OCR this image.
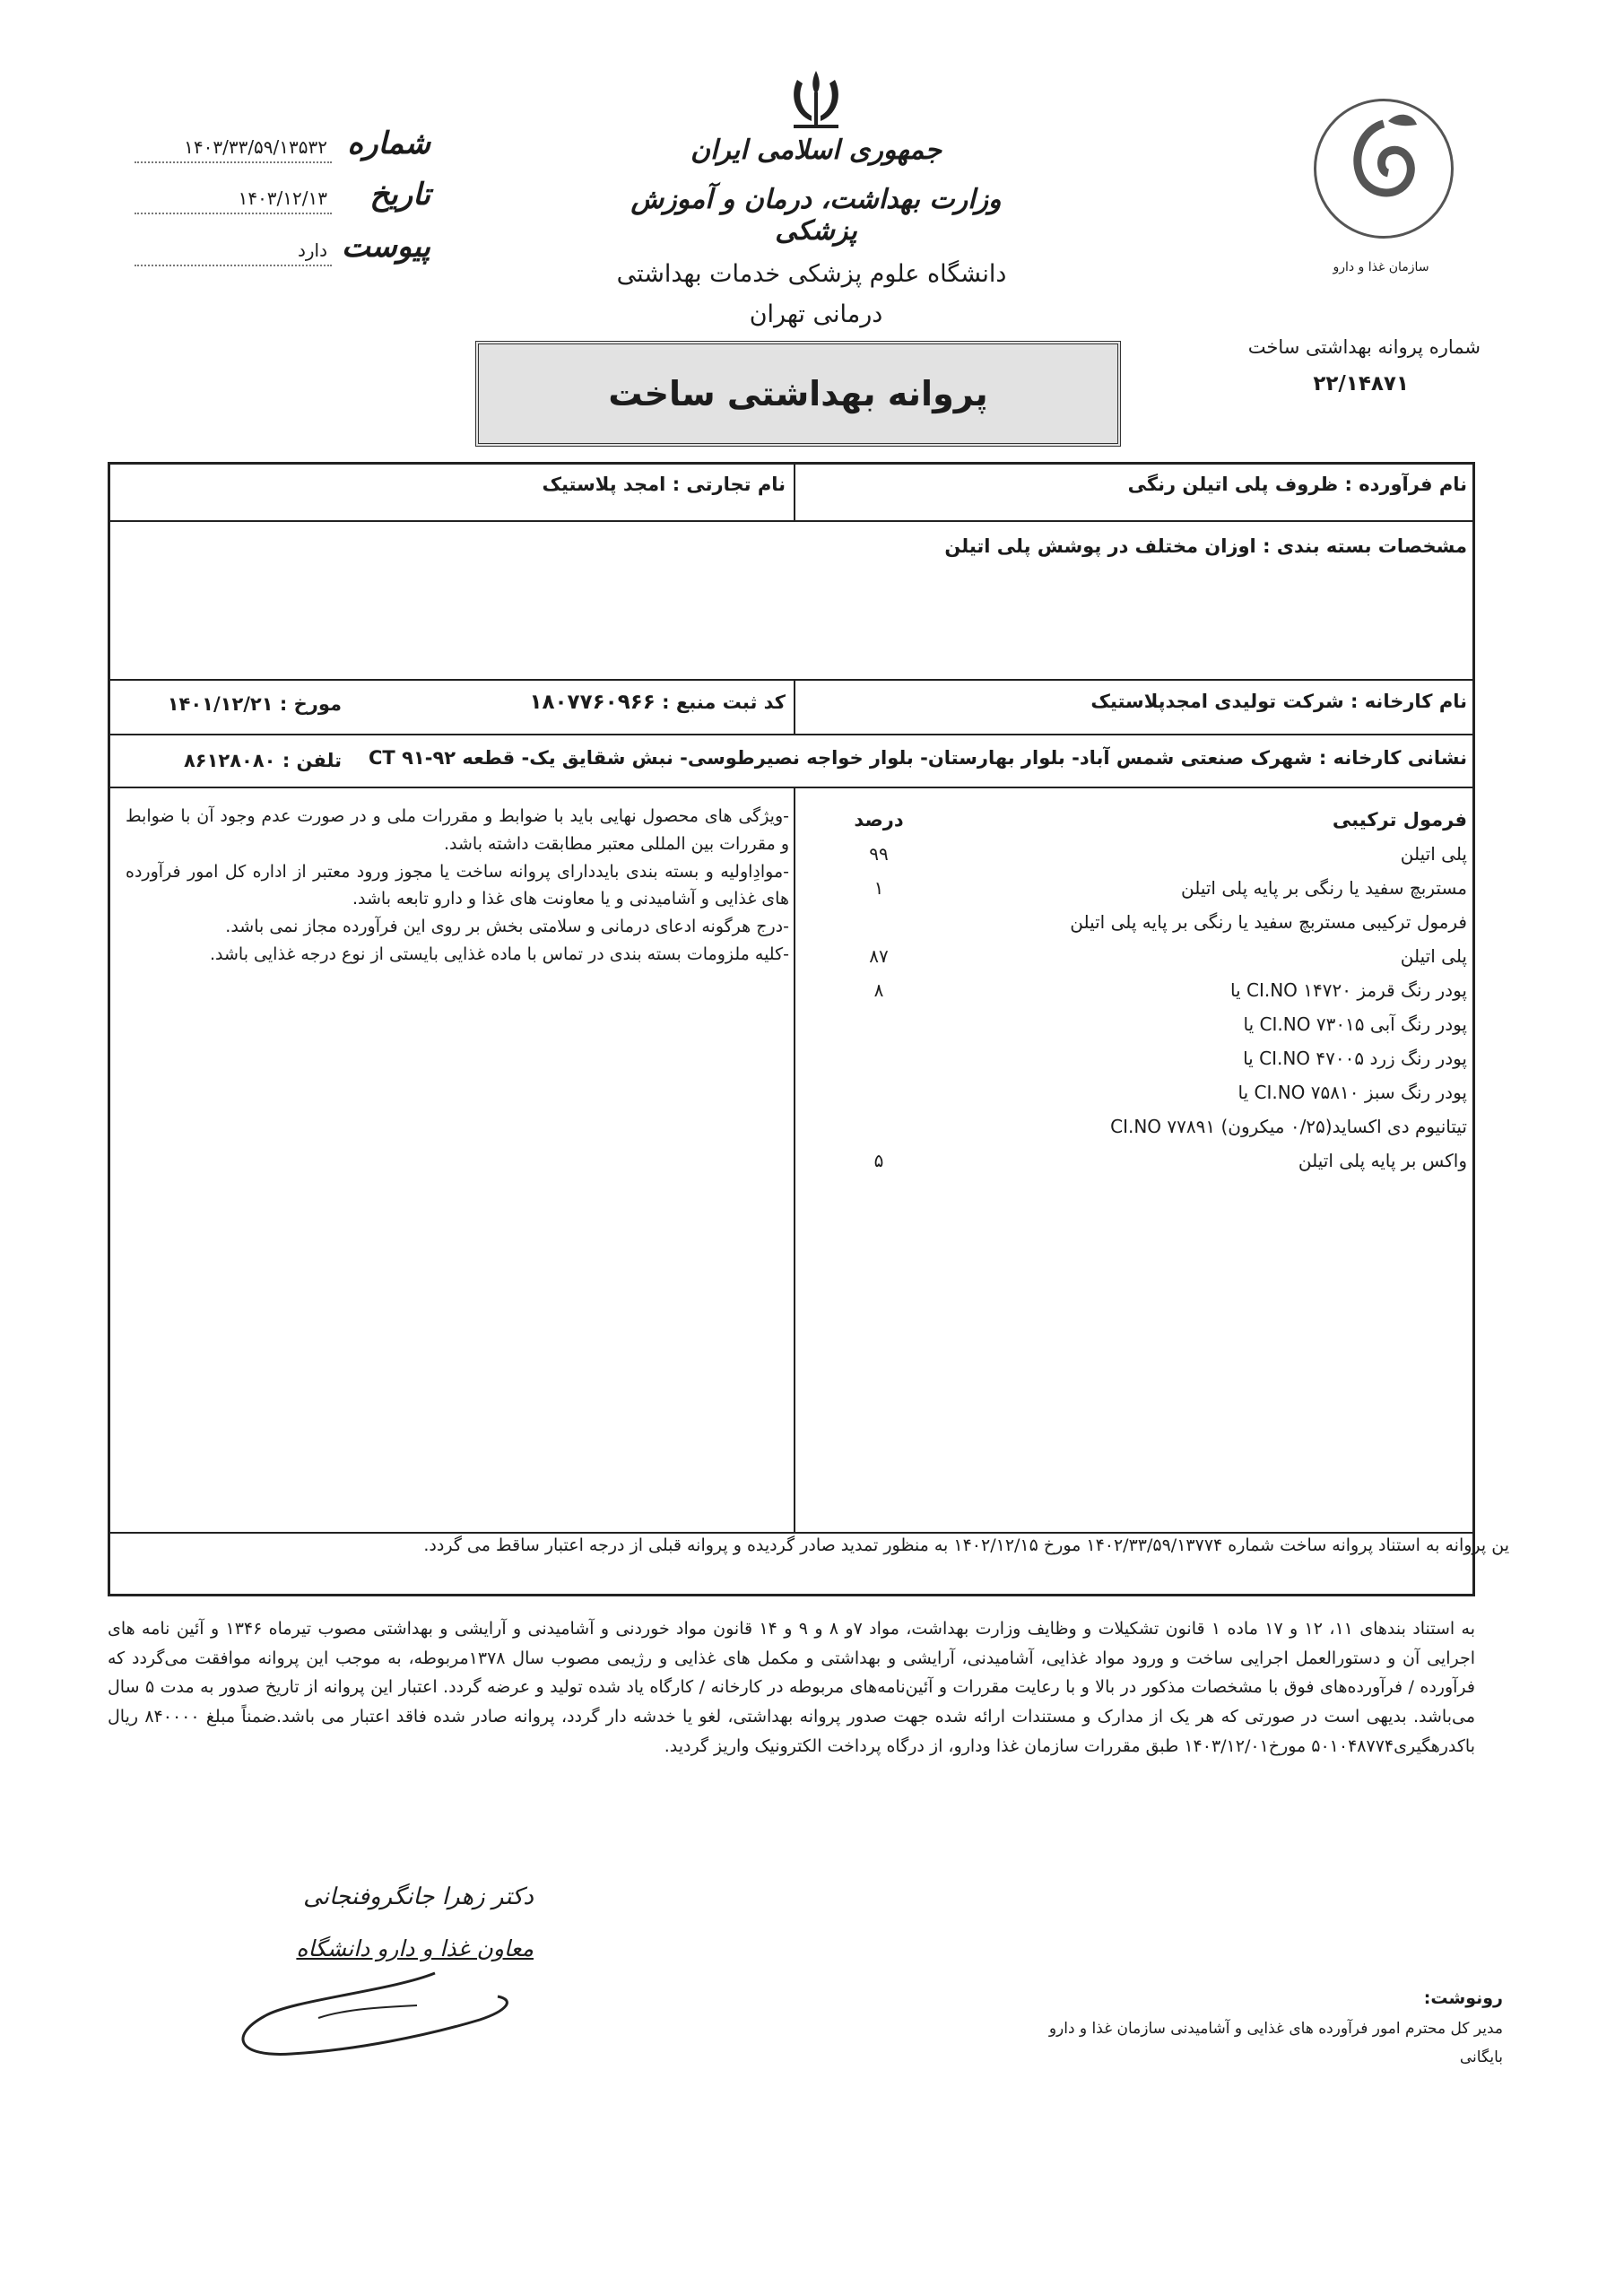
جمهوری اسلامی ایران
وزارت بهداشت، درمان و آموزش پزشکی
دانشگاه علوم پزشکی خدمات بهداشتی
درمانی تهران
سازمان غذا و دارو
شماره
۱۴۰۳/۳۳/۵۹/۱۳۵۳۲
تاریخ
۱۴۰۳/۱۲/۱۳
پیوست
دارد
شماره پروانه بهداشتی ساخت
۲۲/۱۴۸۷۱
پروانه بهداشتی ساخت
نام فرآورده : ظروف پلی اتیلن رنگی
نام تجارتی : امجد پلاستیک
مشخصات بسته بندی : اوزان مختلف در پوشش پلی اتیلن
نام کارخانه : شرکت تولیدی امجدپلاستیک
کد ثبت منبع : ۱۸۰۷۷۶۰۹۶۶
مورخ : ۱۴۰۱/۱۲/۲۱
نشانی کارخانه : شهرک صنعتی شمس آباد- بلوار بهارستان- بلوار خواجه نصیرطوسی- نبش شقایق یک- قطعه ۹۲-۹۱ CT
تلفن : ۸۶۱۲۸۰۸۰
فرمول ترکیبی
پلی اتیلن
مستربچ سفید یا رنگی بر پایه پلی اتیلن
فرمول ترکیبی مستربچ سفید یا رنگی بر پایه پلی اتیلن
پلی اتیلن
پودر رنگ قرمز CI.NO ۱۴۷۲۰ یا
پودر رنگ آبی CI.NO ۷۳۰۱۵ یا
پودر رنگ زرد CI.NO ۴۷۰۰۵ یا
پودر رنگ سبز CI.NO ۷۵۸۱۰ یا
تیتانیوم دی اکساید(۰/۲۵ میکرون) CI.NO ۷۷۸۹۱
واکس بر پایه پلی اتیلن
درصد
۹۹
۱
۸۷
۸
۵

-ویژگی های محصول نهایی باید با ضوابط و مقررات ملی و در صورت عدم وجود آن با ضوابط و مقررات بین المللی معتبر مطابقت داشته باشد.

-موادِاولیه و بسته بندی بایدداراى پروانه ساخت یا مجوز ورود معتبر از اداره کل امور فرآورده های غذایی و آشامیدنی و یا معاونت های غذا و دارو تابعه باشد.

-درج هرگونه ادعای درمانی و سلامتی بخش بر روی این فرآورده مجاز نمی باشد.

-کلیه ملزومات بسته بندی در تماس با ماده غذایی بایستی از نوع درجه غذایی باشد.

ین پروانه به استناد پروانه ساخت شماره ۱۴۰۲/۳۳/۵۹/۱۳۷۷۴ مورخ ۱۴۰۲/۱۲/۱۵ به منظور تمدید صادر گردیده و پروانه قبلی از درجه اعتبار ساقط می گردد.
به استناد بندهای ۱۱، ۱۲ و ۱۷ ماده ۱ قانون تشکیلات و وظایف وزارت بهداشت، مواد ۷و ۸ و ۹ و ۱۴ قانون مواد خوردنی و آشامیدنی و آرایشی و بهداشتی مصوب تیرماه ۱۳۴۶ و آئین نامه های اجرایی آن و دستورالعمل اجرایی ساخت و ورود مواد غذایی، آشامیدنی، آرایشی و بهداشتی و مکمل های غذایی و رژیمی مصوب سال ۱۳۷۸مربوطه، به موجب این پروانه موافقت می‌گردد که فرآورده / فرآورده‌های فوق با مشخصات مذکور در بالا و با رعایت مقررات و آئین‌نامه‌های مربوطه در کارخانه / کارگاه یاد شده تولید و عرضه گردد. اعتبار این پروانه از تاریخ صدور به مدت ۵ سال می‌باشد. بدیهی است در صورتی که هر یک از مدارک و مستندات ارائه شده جهت صدور پروانه بهداشتی، لغو یا خدشه دار گردد، پروانه صادر شده فاقد اعتبار می باشد.ضمناً مبلغ ۸۴۰۰۰۰ ریال باکدرهگیری۵۰۱۰۴۸۷۷۴ مورخ۱۴۰۳/۱۲/۰۱ طبق مقررات سازمان غذا ودارو، از درگاه پرداخت الکترونیک واریز گردید.
دکتر زهرا جانگروفنجانی
معاون غذا و دارو دانشگاه
رونوشت:
مدیر کل محترم امور فرآورده های غذایی و آشامیدنی سازمان غذا و دارو
بایگانی
